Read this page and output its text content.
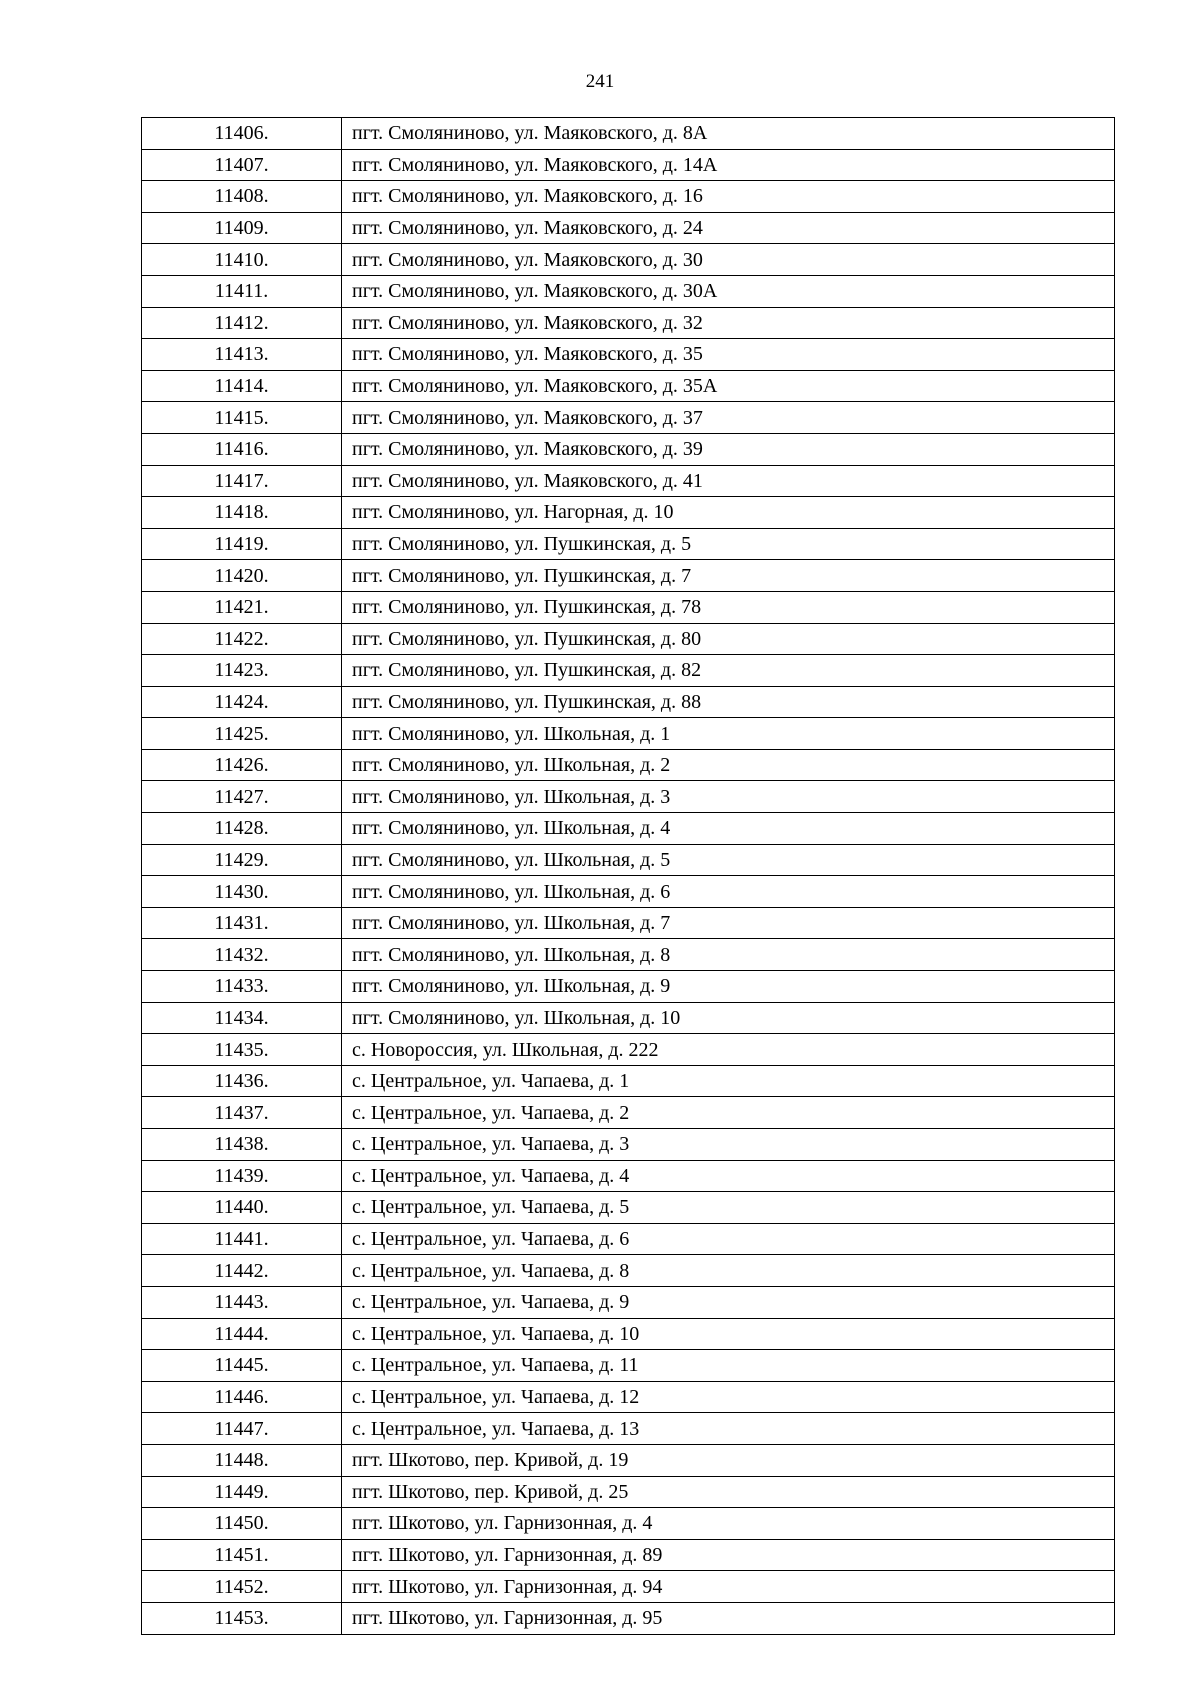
241
11406.	пгт. Смоляниново, ул. Маяковского, д. 8А
11407.	пгт. Смоляниново, ул. Маяковского, д. 14А
11408.	пгт. Смоляниново, ул. Маяковского, д. 16
11409.	пгт. Смоляниново, ул. Маяковского, д. 24
11410.	пгт. Смоляниново, ул. Маяковского, д. 30
11411.	пгт. Смоляниново, ул. Маяковского, д. 30А
11412.	пгт. Смоляниново, ул. Маяковского, д. 32
11413.	пгт. Смоляниново, ул. Маяковского, д. 35
11414.	пгт. Смоляниново, ул. Маяковского, д. 35А
11415.	пгт. Смоляниново, ул. Маяковского, д. 37
11416.	пгт. Смоляниново, ул. Маяковского, д. 39
11417.	пгт. Смоляниново, ул. Маяковского, д. 41
11418.	пгт. Смоляниново, ул. Нагорная, д. 10
11419.	пгт. Смоляниново, ул. Пушкинская, д. 5
11420.	пгт. Смоляниново, ул. Пушкинская, д. 7
11421.	пгт. Смоляниново, ул. Пушкинская, д. 78
11422.	пгт. Смоляниново, ул. Пушкинская, д. 80
11423.	пгт. Смоляниново, ул. Пушкинская, д. 82
11424.	пгт. Смоляниново, ул. Пушкинская, д. 88
11425.	пгт. Смоляниново, ул. Школьная, д. 1
11426.	пгт. Смоляниново, ул. Школьная, д. 2
11427.	пгт. Смоляниново, ул. Школьная, д. 3
11428.	пгт. Смоляниново, ул. Школьная, д. 4
11429.	пгт. Смоляниново, ул. Школьная, д. 5
11430.	пгт. Смоляниново, ул. Школьная, д. 6
11431.	пгт. Смоляниново, ул. Школьная, д. 7
11432.	пгт. Смоляниново, ул. Школьная, д. 8
11433.	пгт. Смоляниново, ул. Школьная, д. 9
11434.	пгт. Смоляниново, ул. Школьная, д. 10
11435.	с. Новороссия, ул. Школьная, д. 222
11436.	с. Центральное, ул. Чапаева, д. 1
11437.	с. Центральное, ул. Чапаева, д. 2
11438.	с. Центральное, ул. Чапаева, д. 3
11439.	с. Центральное, ул. Чапаева, д. 4
11440.	с. Центральное, ул. Чапаева, д. 5
11441.	с. Центральное, ул. Чапаева, д. 6
11442.	с. Центральное, ул. Чапаева, д. 8
11443.	с. Центральное, ул. Чапаева, д. 9
11444.	с. Центральное, ул. Чапаева, д. 10
11445.	с. Центральное, ул. Чапаева, д. 11
11446.	с. Центральное, ул. Чапаева, д. 12
11447.	с. Центральное, ул. Чапаева, д. 13
11448.	пгт. Шкотово, пер. Кривой, д. 19
11449.	пгт. Шкотово, пер. Кривой, д. 25
11450.	пгт. Шкотово, ул. Гарнизонная, д. 4
11451.	пгт. Шкотово, ул. Гарнизонная, д. 89
11452.	пгт. Шкотово, ул. Гарнизонная, д. 94
11453.	пгт. Шкотово, ул. Гарнизонная, д. 95
